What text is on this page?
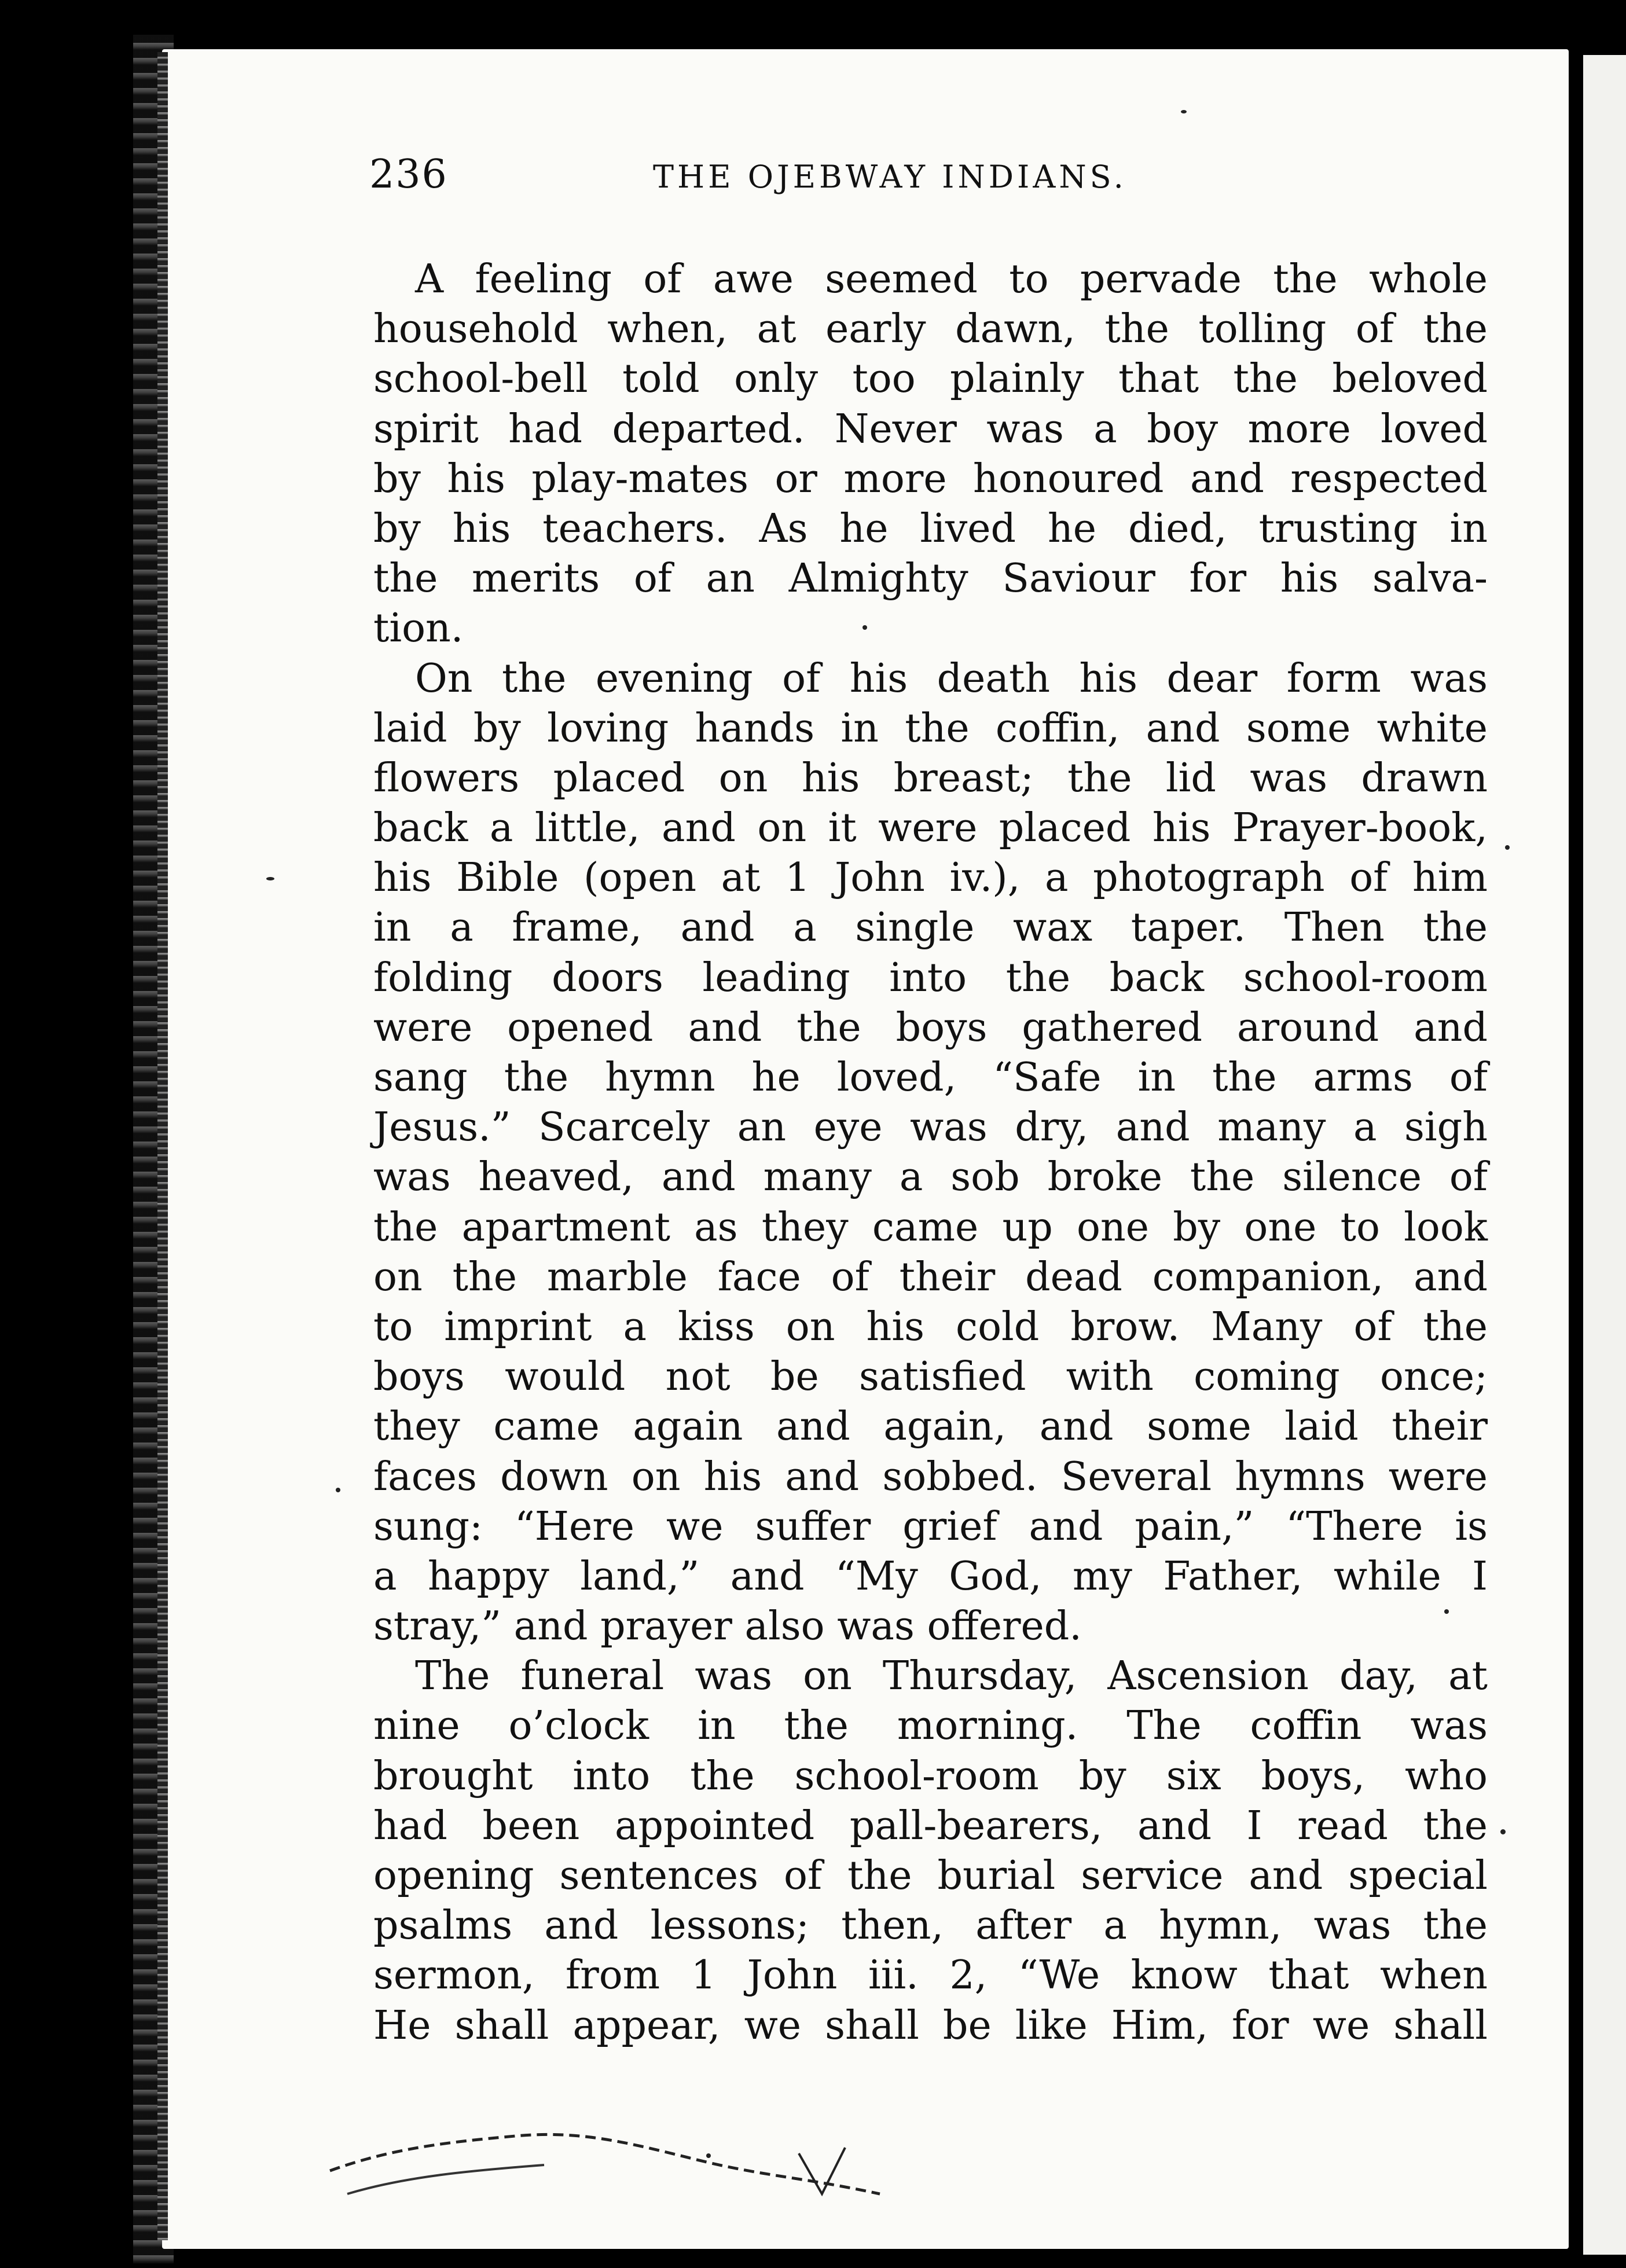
236	THE OJEBWAY INDIANS.
A feeling of awe seemed to pervade the whole
household when, at early dawn, the tolling of the
school-bell told only too plainly that the beloved
spirit had departed. Never was a boy more loved
by his play-mates or more honoured and respected
by his teachers. As he lived he died, trusting in
the merits of an Almighty Saviour for his salva-
tion.
On the evening of his death his dear form was
laid by loving hands in the coffin, and some white
flowers placed on his breast; the lid was drawn
back a little, and on it were placed his Prayer-book,
his Bible (open at 1 John iv.), a photograph of him
in a frame, and a single wax taper. Then the
folding doors leading into the back school-room
were opened and the boys gathered around and
sang the hymn he loved, “Safe in the arms of
Jesus.” Scarcely an eye was dry, and many a sigh
was heaved, and many a sob broke the silence of
the apartment as they came up one by one to look
on the marble face of their dead companion, and
to imprint a kiss on his cold brow. Many of the
boys would not be satisfied with coming once;
they came again and again, and some laid their
faces down on his and sobbed. Several hymns were
sung: “Here we suffer grief and pain,” “There is
a happy land,” and “My God, my Father, while I
stray,” and prayer also was offered.
The funeral was on Thursday, Ascension day, at
nine o’clock in the morning. The coffin was
brought into the school-room by six boys, who
had been appointed pall-bearers, and I read the
opening sentences of the burial service and special
psalms and lessons; then, after a hymn, was the
sermon, from 1 John iii. 2, “We know that when
He shall appear, we shall be like Him, for we shall
